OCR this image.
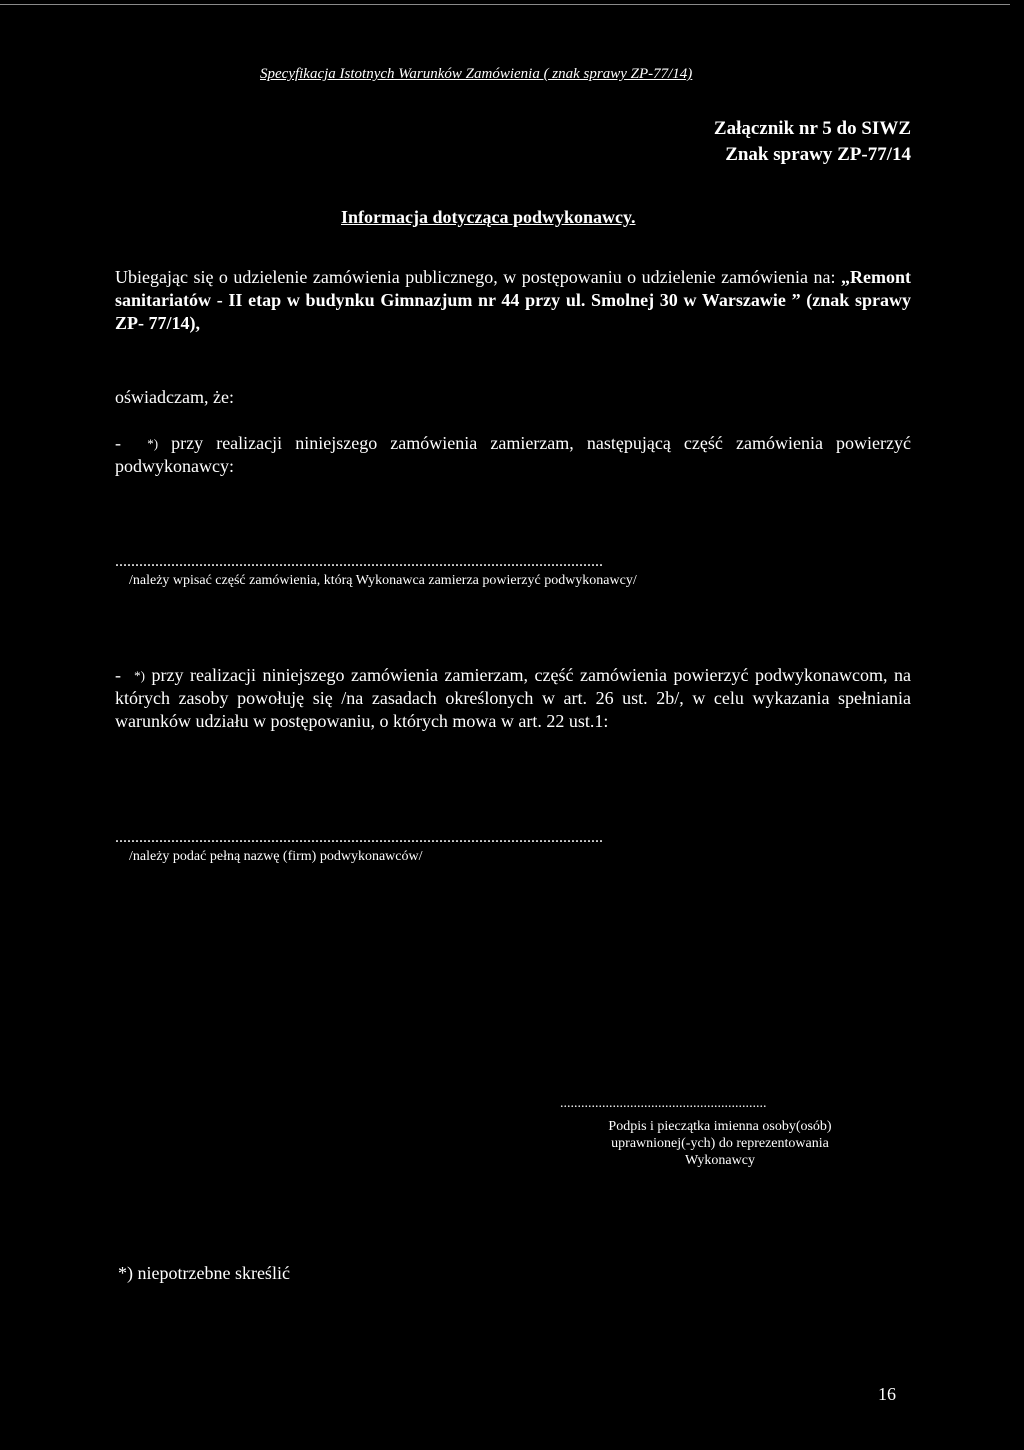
Specyfikacja Istotnych Warunków Zamówienia ( znak sprawy ZP-77/14)
Załącznik nr 5 do SIWZ
Znak sprawy ZP-77/14
Informacja dotycząca podwykonawcy.
Ubiegając się o udzielenie zamówienia publicznego, w postępowaniu o udzielenie zamówienia na: „Remont sanitariatów - II etap w budynku Gimnazjum nr 44 przy ul. Smolnej 30 w Warszawie ” (znak sprawy ZP- 77/14),
oświadczam, że:
- *) przy realizacji niniejszego zamówienia zamierzam, następującą część zamówienia powierzyć podwykonawcy:
..........................................................................................................................
/należy wpisać część zamówienia, którą Wykonawca zamierza powierzyć podwykonawcy/
- *) przy realizacji niniejszego zamówienia zamierzam, część zamówienia powierzyć podwykonawcom, na których zasoby powołuję się /na zasadach określonych w art. 26 ust. 2b/, w celu wykazania spełniania warunków udziału w postępowaniu, o których mowa w art. 22 ust.1:
..........................................................................................................................
/należy podać pełną nazwę (firm) podwykonawców/
...........................................................
Podpis i pieczątka imienna osoby(osób)
uprawnionej(-ych) do reprezentowania
Wykonawcy
*) niepotrzebne skreślić
16
